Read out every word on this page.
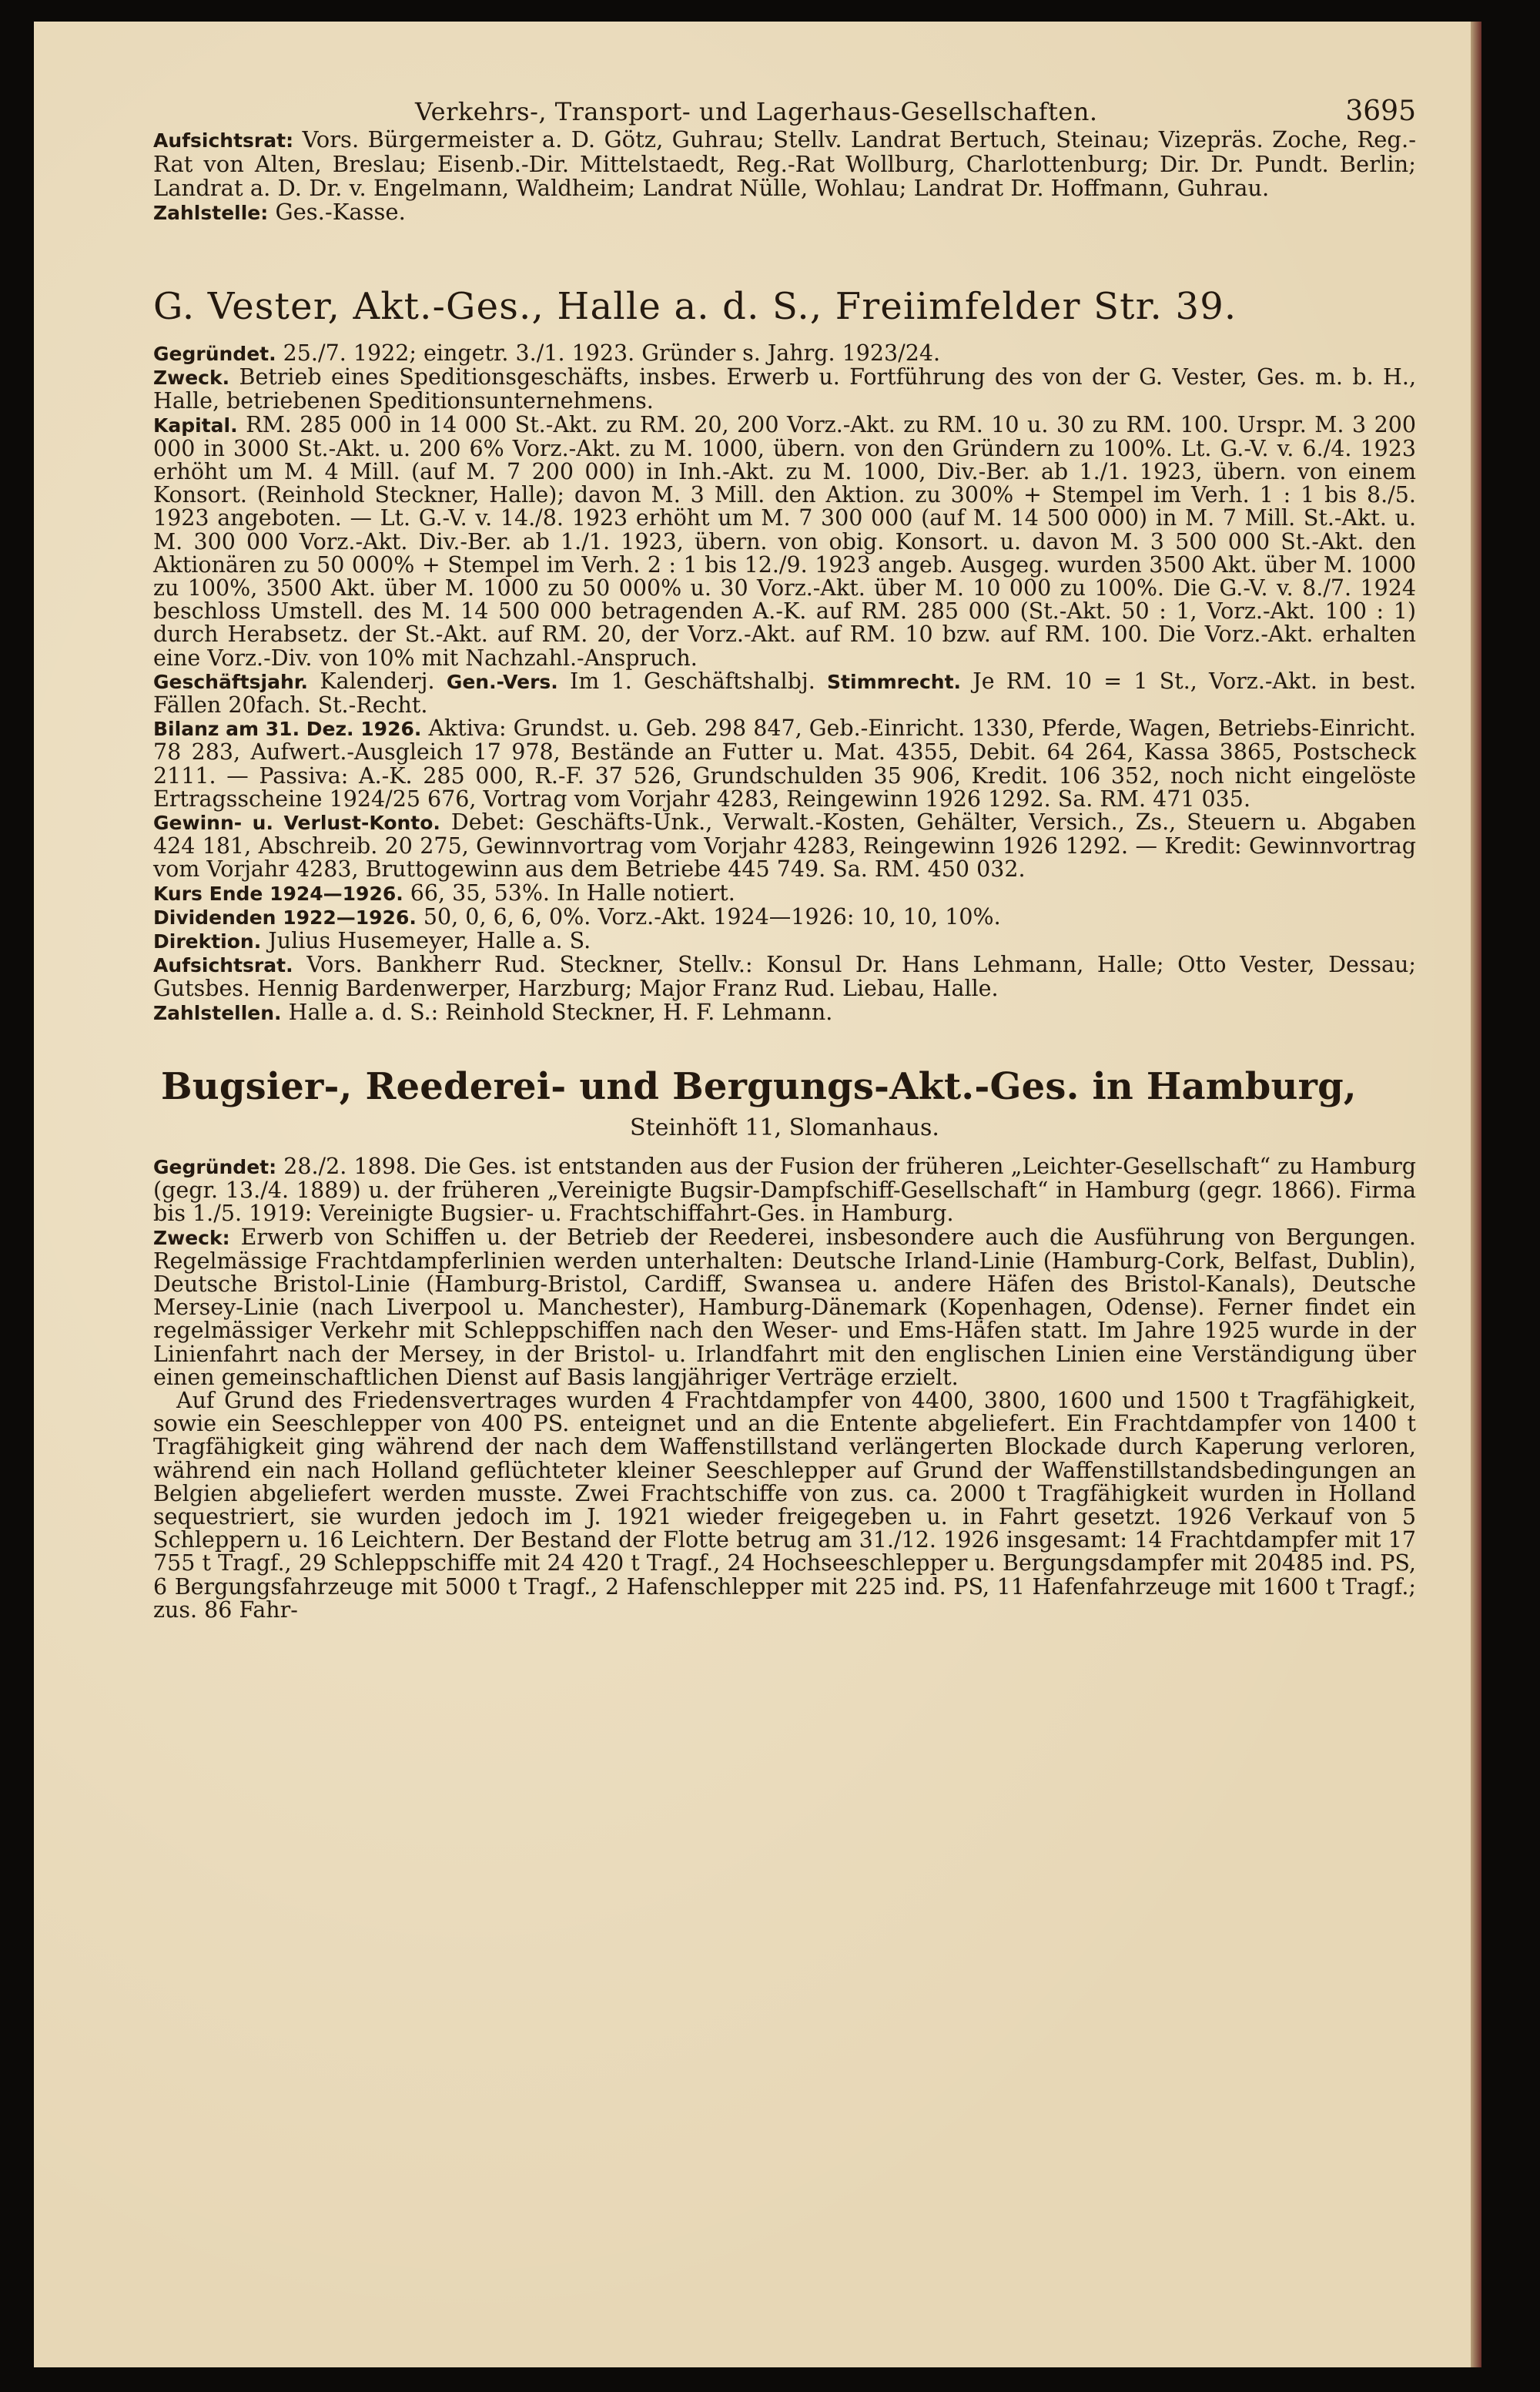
Verkehrs-, Transport- und Lagerhaus-Gesellschaften.	3695

Aufsichtsrat: Vors. Bürgermeister a. D. Götz, Guhrau; Stellv. Landrat Bertuch, Steinau; Vizepräs. Zoche, Reg.-Rat von Alten, Breslau; Eisenb.-Dir. Mittelstaedt, Reg.-Rat Wollburg, Charlottenburg; Dir. Dr. Pundt. Berlin; Landrat a. D. Dr. v. Engelmann, Waldheim; Landrat Nülle, Wohlau; Landrat Dr. Hoffmann, Guhrau.

Zahlstelle: Ges.-Kasse.

G. Vester, Akt.-Ges., Halle a. d. S., Freiimfelder Str. 39.

Gegründet. 25./7. 1922; eingetr. 3./1. 1923. Gründer s. Jahrg. 1923/24.

Zweck. Betrieb eines Speditionsgeschäfts, insbes. Erwerb u. Fortführung des von der G. Vester, Ges. m. b. H., Halle, betriebenen Speditionsunternehmens.

Kapital. RM. 285 000 in 14 000 St.-Akt. zu RM. 20, 200 Vorz.-Akt. zu RM. 10 u. 30 zu RM. 100. Urspr. M. 3 200 000 in 3000 St.-Akt. u. 200 6% Vorz.-Akt. zu M. 1000, übern. von den Gründern zu 100%. Lt. G.-V. v. 6./4. 1923 erhöht um M. 4 Mill. (auf M. 7 200 000) in Inh.-Akt. zu M. 1000, Div.-Ber. ab 1./1. 1923, übern. von einem Konsort. (Reinhold Steckner, Halle); davon M. 3 Mill. den Aktion. zu 300% + Stempel im Verh. 1 : 1 bis 8./5. 1923 angeboten. — Lt. G.-V. v. 14./8. 1923 erhöht um M. 7 300 000 (auf M. 14 500 000) in M. 7 Mill. St.-Akt. u. M. 300 000 Vorz.-Akt. Div.-Ber. ab 1./1. 1923, übern. von obig. Konsort. u. davon M. 3 500 000 St.-Akt. den Aktionären zu 50 000% + Stempel im Verh. 2 : 1 bis 12./9. 1923 angeb. Ausgeg. wurden 3500 Akt. über M. 1000 zu 100%, 3500 Akt. über M. 1000 zu 50 000% u. 30 Vorz.-Akt. über M. 10 000 zu 100%. Die G.-V. v. 8./7. 1924 beschloss Umstell. des M. 14 500 000 betragenden A.-K. auf RM. 285 000 (St.-Akt. 50 : 1, Vorz.-Akt. 100 : 1) durch Herabsetz. der St.-Akt. auf RM. 20, der Vorz.-Akt. auf RM. 10 bzw. auf RM. 100. Die Vorz.-Akt. erhalten eine Vorz.-Div. von 10% mit Nachzahl.-Anspruch.

Geschäftsjahr. Kalenderj. Gen.-Vers. Im 1. Geschäftshalbj. Stimmrecht. Je RM. 10 = 1 St., Vorz.-Akt. in best. Fällen 20fach. St.-Recht.

Bilanz am 31. Dez. 1926. Aktiva: Grundst. u. Geb. 298 847, Geb.-Einricht. 1330, Pferde, Wagen, Betriebs-Einricht. 78 283, Aufwert.-Ausgleich 17 978, Bestände an Futter u. Mat. 4355, Debit. 64 264, Kassa 3865, Postscheck 2111. — Passiva: A.-K. 285 000, R.-F. 37 526, Grundschulden 35 906, Kredit. 106 352, noch nicht eingelöste Ertragsscheine 1924/25 676, Vortrag vom Vorjahr 4283, Reingewinn 1926 1292. Sa. RM. 471 035.

Gewinn- u. Verlust-Konto. Debet: Geschäfts-Unk., Verwalt.-Kosten, Gehälter, Versich., Zs., Steuern u. Abgaben 424 181, Abschreib. 20 275, Gewinnvortrag vom Vorjahr 4283, Reingewinn 1926 1292. — Kredit: Gewinnvortrag vom Vorjahr 4283, Bruttogewinn aus dem Betriebe 445 749. Sa. RM. 450 032.

Kurs Ende 1924—1926. 66, 35, 53%. In Halle notiert.

Dividenden 1922—1926. 50, 0, 6, 6, 0%. Vorz.-Akt. 1924—1926: 10, 10, 10%.

Direktion. Julius Husemeyer, Halle a. S.

Aufsichtsrat. Vors. Bankherr Rud. Steckner, Stellv.: Konsul Dr. Hans Lehmann, Halle; Otto Vester, Dessau; Gutsbes. Hennig Bardenwerper, Harzburg; Major Franz Rud. Liebau, Halle.

Zahlstellen. Halle a. d. S.: Reinhold Steckner, H. F. Lehmann.

Bugsier-, Reederei- und Bergungs-Akt.-Ges. in Hamburg,
Steinhöft 11, Slomanhaus.

Gegründet: 28./2. 1898. Die Ges. ist entstanden aus der Fusion der früheren „Leichter-Gesellschaft“ zu Hamburg (gegr. 13./4. 1889) u. der früheren „Vereinigte Bugsir-Dampfschiff-Gesellschaft“ in Hamburg (gegr. 1866). Firma bis 1./5. 1919: Vereinigte Bugsier- u. Frachtschiffahrt-Ges. in Hamburg.

Zweck: Erwerb von Schiffen u. der Betrieb der Reederei, insbesondere auch die Ausführung von Bergungen. Regelmässige Frachtdampferlinien werden unterhalten: Deutsche Irland-Linie (Hamburg-Cork, Belfast, Dublin), Deutsche Bristol-Linie (Hamburg-Bristol, Cardiff, Swansea u. andere Häfen des Bristol-Kanals), Deutsche Mersey-Linie (nach Liverpool u. Manchester), Hamburg-Dänemark (Kopenhagen, Odense). Ferner findet ein regelmässiger Verkehr mit Schleppschiffen nach den Weser- und Ems-Häfen statt. Im Jahre 1925 wurde in der Linienfahrt nach der Mersey, in der Bristol- u. Irlandfahrt mit den englischen Linien eine Verständigung über einen gemeinschaftlichen Dienst auf Basis langjähriger Verträge erzielt.

Auf Grund des Friedensvertrages wurden 4 Frachtdampfer von 4400, 3800, 1600 und 1500 t Tragfähigkeit, sowie ein Seeschlepper von 400 PS. enteignet und an die Entente abgeliefert. Ein Frachtdampfer von 1400 t Tragfähigkeit ging während der nach dem Waffenstillstand verlängerten Blockade durch Kaperung verloren, während ein nach Holland geflüchteter kleiner Seeschlepper auf Grund der Waffenstillstandsbedingungen an Belgien abgeliefert werden musste. Zwei Frachtschiffe von zus. ca. 2000 t Tragfähigkeit wurden in Holland sequestriert, sie wurden jedoch im J. 1921 wieder freigegeben u. in Fahrt gesetzt. 1926 Verkauf von 5 Schleppern u. 16 Leichtern. Der Bestand der Flotte betrug am 31./12. 1926 insgesamt: 14 Frachtdampfer mit 17 755 t Tragf., 29 Schleppschiffe mit 24 420 t Tragf., 24 Hochseeschlepper u. Bergungsdampfer mit 20485 ind. PS, 6 Bergungsfahrzeuge mit 5000 t Tragf., 2 Hafenschlepper mit 225 ind. PS, 11 Hafenfahrzeuge mit 1600 t Tragf.; zus. 86 Fahr-
